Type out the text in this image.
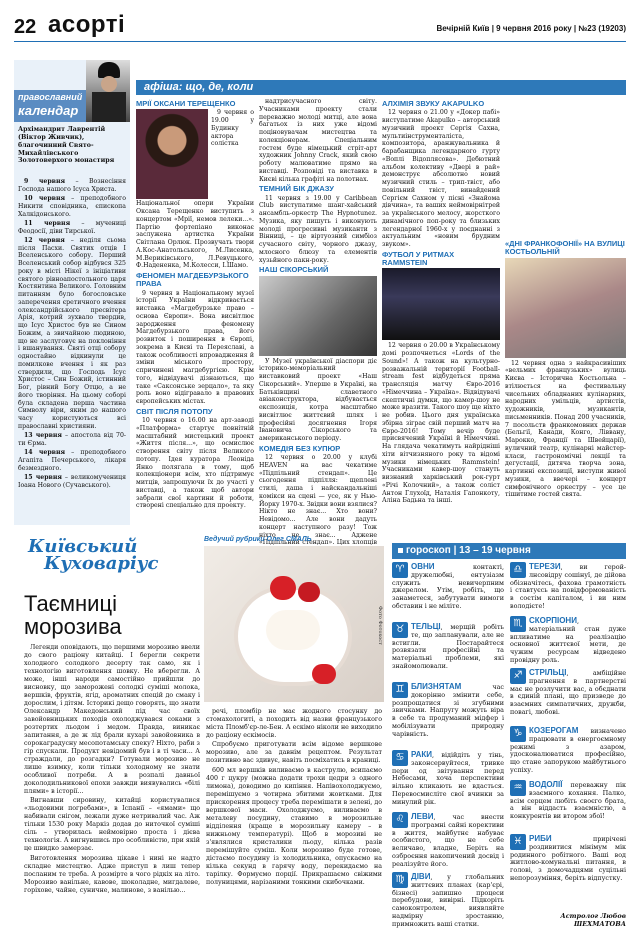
22 асорті	Вечірній Київ | 9 червня 2016 року | №23 (19203)
православний
календар
Архімандрит Лаврентій (Віктор Живчик), благочинний Свято-Михайлівського Золотоверхого монастиря

9 червня – Вознесіння Господа нашого Ісуса Христа.

10 червня – преподобного Никити сповідника, єпископа Халкідонського.

11 червня – мучениці Феодосії, діви Тирської.

12 червня – неділя сьома після Пасхи. Святих отців І Вселенського собору. Перший Вселенський собор відбувся 325 року в місті Нікеї з ініціативи святого рівноапостольного царя Костянтина Великого. Головним питанням було богословське заперечення єретичного вчення олександрійського пресвітера Арія, котрий зухвало твердив, що Ісус Христос був не Сином Божим, а звичайною людиною, що не заслуговує на поклоніння і вшанування. Святі отці собору одностайно відкинули це помилкове вчення і як раз ствердили, що Господь Ісус Христос – Син Божий, істинний Бог, рівний Богу Отцю, а не його творіння. На цьому соборі була складена перша частина Символу віри, яким до нашого часу користуються всі православні християни.

13 червня – апостола від 70-ти Єрма.

14 червня – преподобного Агапіта Печерського, лікаря безмездного.

15 червня – великомучениця Іоана Нового (Сучавського).

афіша: що, де, коли
МРІЇ ОКСАНИ ТЕРЕЩЕНКО

9 червня о 19.00 у Будинку актора солістка Національної опери України Оксана Терещенко виступить з концертом «Мрії, немов лелеки...». Партію фортепіано виконає заслужена артистка України Світлана Орлюк. Прозвучать твори А.Кос-Анатольського, М.Лисенка, М.Вериківського, Л.Ревуцького, Ф.Надененка, М.Колесси, І.Шамо.

ФЕНОМЕН МАГДЕБУРЗЬКОГО ПРАВА

9 червня в Національному музеї історії України відкривається виставка «Магдебурзьке право – основа Європи». Вона висвітлює зародження феномену Магдебурзького права, його розвиток і поширення в Європі, зокрема в Києві та Переяславі, а також особливості впровадження й зміни міського простору, спричинені магдебургією. Крім того, відвідувачі дізнаються, що таке «Саксонське зерцало», та яку роль воно відігравало в правових європейських містах.

СВІТ ПІСЛЯ ПОТОПУ

10 червня о 16.00 на арт-заводі «Платформа» стартує повнітній масштабний мистецький проект «Життя після...», що осмислює створення світу після Великого потопу. Ідея куратора Леоніда Янко полягала в тому, щоб колекціонери всім, хто підтримує митців, запрошуючи їх до участі у виставці, а також щоб автори забрали свої картини й роботи, створені спеціально для проекту.

надтрисучасного світу. Учасниками проекту стали переважно молоді митці, але вона багатьох із них уже відомі поціновувачам мистецтва та колекціонерам. Спеціальним гостем буде німецький стріт-арт художник Johnny Crack, який свою роботу малюватиме прямо на виставці. Розповіді та виставка в Києві кілька графіті на полотнах.

ТЕМНИЙ БІК ДЖАЗУ

11 червня з 19.00 у Caribbean Club виступатиме шанг-хайський ансамбль-оркестр The Hypnotunez. Музика, яку пишуть і виконують молоді прогресивні музиканти з Вінниці, – це віртуозний симбіоз сучасного світу, чорного джазу, млосного блюзу та елементів хузьйного пакн-року.

НАШ СІКОРСЬКИЙ

У Музеї української діаспори діє історико-меморіальний виставковий проект «Наш Сікорський». Уперше в Україні, на Батьківщині славетного авіаконструктора, відбувається експозиція, котра масштабно висвітлює життєвий шлях і професійні досягнення Ігоря Івановича Сікорського та американського періоду.

КОМЕДІЯ БЕЗ КУПЮР

12 червня о 20.00 у клубі HEAVEN на вас чекатиме «Підпільний стендап». Це сьогодення підпілля: щеплені стилі, даша і найскандальніші комікси на сцені — усе, як у Нью-Йорку 1970-х. Звідки вони взялися? Нікто не знає... Хто вони? Невідомо... Але вони дадуть концерт наступного разу! Тож ніхто не знає... Аджене «Підпільний стендап». Цих хлопців

АЛХІМІЯ ЗВУКУ AKAPULKO

12 червня о 21.00 у «Докер пабі» виступатиме Akapulko – авторський музичний проект Сергія Сахна, мультиінструменталіста, композитора, аранжувальника й барабанщика легендарного гурту «Воплі Відоплясова». Дебютний альбом колективу «Двері в рай» демонструє абсолютно новий музичний стиль – трип-твіст, або повільний твіст, винайдений Сергієм Сахном у пісні «Знайома дівчина», та ваших неймовірнітрей за українського мелосу, жорсткого динамічного поп-року та близьких легендарної 1960-х у поєднанні з актуальним «новим брудним звуком».

ФУТБОЛ У РИТМАХ RAMMSTEIN

12 червня о 20.00 в Українському домі розпочнеться «Lords of the Sound»! А також на культурно-розважальній території Football-stream fest відбудеться пряма трансляція матчу Євро-2016 «Німеччина – Україна». Відвідувачі скептичні думки, що камер-шоу не може вразити. Такого шоу ще ніхто не робив. Цього дня українська збірна зіграє свій перший матч на Євро-2016! Тому вечір буде присвячений Україні й Німеччині. На глядача чекатимуть найрідніші хіти вітчизняного року та відомі музики німецьких Rammstein! Учасниками кавер-шоу стануть визнаний харківський рок-гурт «Річі Колочний», а також соліст Антон Глухоїд, Наталія Гапонкоту, Аліна Бадьна та інші.

«ДНІ ФРАНКОФОНІЇ» НА ВУЛИЦІ КОСТЬОЛЬНІЙ

12 червня одна з найкрасивіших «вельмих французьких» вулиць Києва – Історична Костьольна – втілюється на фестивальну чисельних обладнаних кулінарних, народних умільців, артистів, художників, музикантів, письменників. Понад 200 учасників, 7 посольств франкомовних держав (Бельгії, Канади, Конго, Ліввану, Марокко, Франції та Швейцарії), вуличний театр, кулінарні майстер-класи, гастрономічні лекції та дегустації, дитяча творча зона, картинні експозиції, виступи живої музики, а ввечері – концерт симфонічного оркестру – усе це тішитиме гостей свята.

Київський
Куховаріус
Ведучий рубрики Олег СМАЛЬ
Таємниці
морозива	Фото Фотохост

Легенди оповідають, що першими морозиво ввели до свого раціону китайці. І берегли секрети холодного солодкого десерту так само, як і технологію виготовлення шовку. Не вберегли. А може, інші народи самостійно прийшли до висновку, що заморожені солодкі суміші молока, вершків, фруктів, ягід, ароматних спецій до смаку і дорослим, і дітям. Історикі дещо говорять, що знати Олександр Македонський під час своїх завойовницьких походів охолоджувався соками з розтертих льодом і медом. Правда, виникає запитання, а де ж лід брали кухарі завойовника в сорокаградусну месопотамську спеку? Ніхто, раби з гір спускали. Продукт невідомий був і в ті часи... А страждали, до розгадки? Готували морозиво не лише взимку, коли тільки холодному не знати особливої потреби. А в розпалі давньої доколодильникової епохи завжди виявувались «білі плями» в історії...

Вигнавши сировину, китайці користувалися «льодовими погребами», в Іспанії – «ямами» що набивали снігом, лежали дуже нетривалий час. Аж тільки 1530 року Маркіз додав до ниточкої суміші сіль – утворилась неймовірно проста і дієва технологія. А вигнувшись про особливістю, при якій це швидко замерзає.

Виготовлення морозива цікаве і нині не надто складне мистецтво. Адже приступ в лиш тепер посланим те треба. А розмірте в чого рідкіх на літо. Морозиво ванільне, кавове, шоколадне, мигдалеве, горіхове, чайне, суничне, малинове, з ванілью...

речі, пломбір не має жодного стосунку до стомахологиті, а походить від назви французького міста Пломб'єр-ле-Бен. А ескімо ніколи не виходило до раціону ескімосів.

Спробуємо приготувати всім відоме вершкове морозиво, але за давнім рецептом. Результат позитивно вас здивує, навіть посміхатись в краниці.

600 мл вершків виливаємо в каструлю, всипаємо 400 г цукру (можна додати трохи цедри з одного лимона), доводимо до кипіння. Напівохолоджуємо, перемішуємо з чотирма збитими жовтками. Для прискорення процесу треба перемішати в зелені, до вершкової маси. Охолоджуємо, виливаємо в металеву посудину, ставимо в морозильне відділення (краще в морозильну камеру – в нижньому температурі). Щоб в морозиві не з'являлися кристалики льоду, кілька разів перемішуйте суміш. Коли морозиво буде готове, дістаємо посудину із холодильника, опускаємо на кілька секунд в гарячу воду, перекидаємо на тарілку. Формуємо порції. Прикрашаємо свіжими полуницями, нарізаними тонкими скибочками.

гороскоп | 13 – 19 червня
♈ ОВНИ контакті, дружелюбні, ентузіазм служить невичерпним джерелом. Утім, робіть, що занаметеся, забутувати вимоги обставин і не міліте.

♉ ТЕЛЬЦІ, мерщій робіть те, що запланували, але не встигли. Постарайтеся розвязати професійні та матеріальні проблеми, які знайомолювали.

♊ БЛИЗНЯТАМ час докорінно змінити себе, розпрощатися зі згубними звичками. Напругу можуть віра в себе та продуманий мідфер і мобілізувати природну чарівність.

♋ РАКИ, відійдіть у тінь, законсервуйтеся, тривке пери од звітування перед Небесами, хоча перспективи вільно кликають не вдасться. Перевосмисліте свої вчинки за минулий рік.

♌ ЛЕВИ, час внести програмні сайні корективи в життя, майбутнє набуває особистого, що не себе величаво, владне, Беріть на озброєння накопичений досвід і реалізуйте його.

♍ ДІВИ, у глобальних життєвих планах (кар'єрі, бізнесі) запишно процеси перебудови, вивірні. Підкоріть самоконтролем, виявляйте надмірну зростанню, примножить ваші статки.

♎ ТЕРЕЗИ, ви герой-лнсовідру сошінуї, де дійова обізначітесь, фахова грамотність і ставтуєсь на повідформованість в соєтім капіталом, і ви ним володієте!

♏ СКОРПІОНИ, матеріальний стан дуже впливатиме на реалізацію основної життєвої мети, де чужим ресурсам відведено провідну роль.

♐ СТРІЛЬЦІ, амбіційне прагнення в партнерстві має не розлучити вас, а обєднати в єдиній плані, що призведе до взаємних симпатичних, дружби, повагі, любові.

♑ КОЗЕРОГАМ визначено працювати в енергоємному режимі з азаром, удосконалюватися професійно, що стане запорукою майбутнього успіху.

♒ ВОДОЛІЇ переважну пік взаємного кохання. Палко, всім серцем любіть своєго брата, а він віддасть взаємністю, а конкурентів ви втором збої!

♓ РИБИ прирічені роздивитися мінімум мік родинного робітного. Ваші вод житлово-комунальні питання, в голові, з домочадцями суцільні непорозуміння, беріть відпустку.

Астролог Любов ШЕХМАТОВА
